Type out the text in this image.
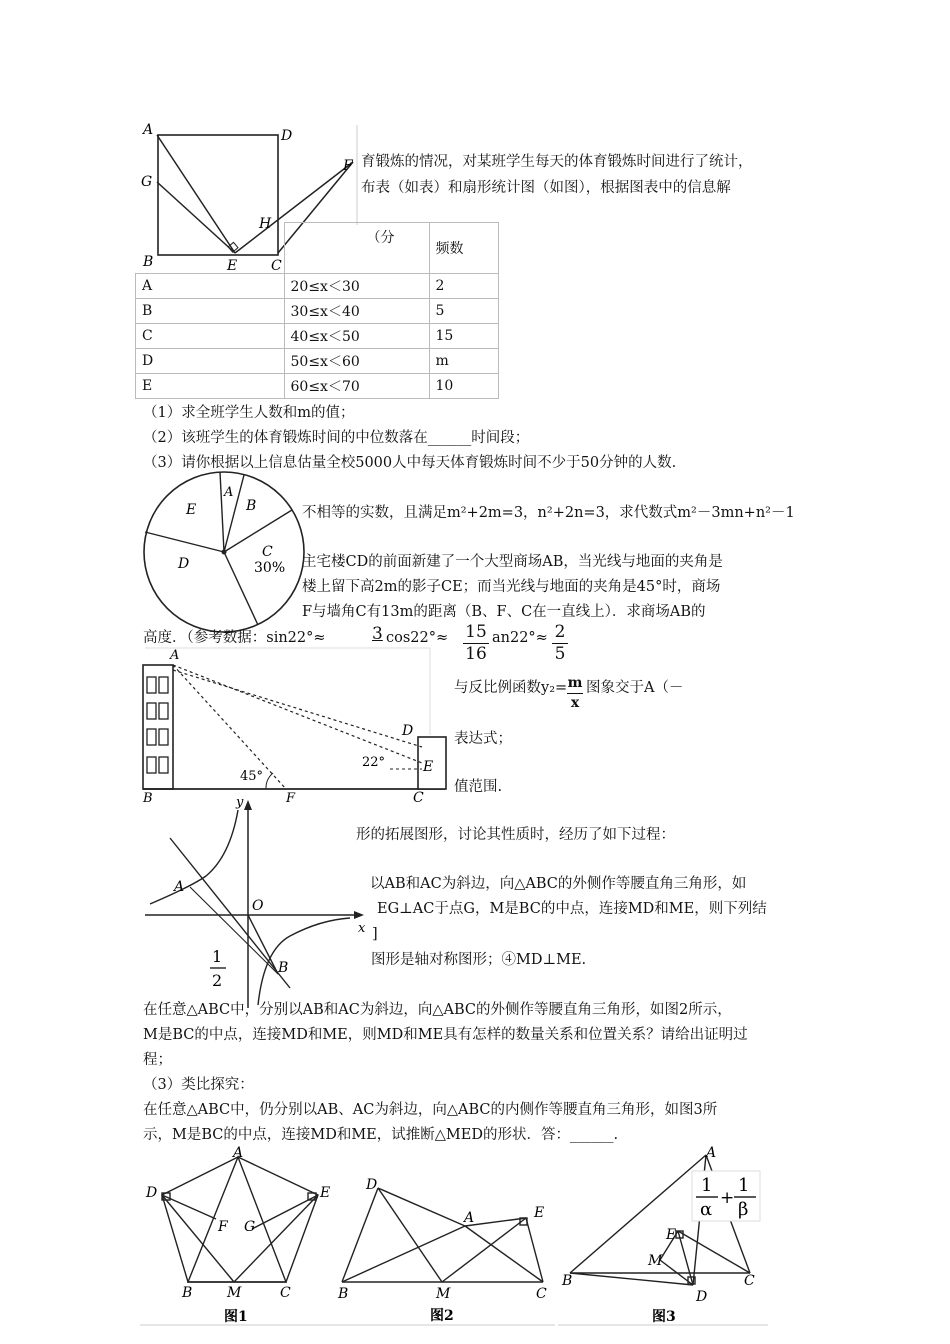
A	D
G
F
H
B	E C
育锻炼的情况，对某班学生每天的体育锻炼时间进行了统计，
布表（如表）和扇形统计图（如图），根据图表中的信息解
	（分	频数
A	20≤x＜30	2
B	30≤x＜40	5
C	40≤x＜50	15
D	50≤x＜60	m
E	60≤x＜70	10
（1）求全班学生人数和m的值；
（2）该班学生的体育锻炼时间的中位数落在______时间段；
（3）请你根据以上信息估量全校5000人中每天体育锻炼时间不少于50分钟的人数.
A
B
E
C
30%
D
不相等的实数，且满足m²+2m=3，n²+2n=3，求代数式m²－3mn+n²－1
主宅楼CD的前面新建了一个大型商场AB，当光线与地面的夹角是
楼上留下高2m的影子CE；而当光线与地面的夹角是45°时，商场
F与墙角C有13m的距离（B、F、C在一直线上）．求商场AB的
高度．（参考数据：sin22°≈	3 $\cos 22^\circ\approx \frac{15}{16} an22^\circ\approx \frac{2}{5}$
A
D
E
22°
45°
B	F	C
与反比例函数$y_2= \frac{m}{x}$ 图象交于A（－
表达式；
值范围.
y
x
O
A
B
1
2
形的拓展图形，讨论其性质时，经历了如下过程：
以AB和AC为斜边，向△ABC的外侧作等腰直角三角形，如
EG⊥AC于点G，M是BC的中点，连接MD和ME，则下列结
]
图形是轴对称图形；④MD⊥ME.
在任意△ABC中，分别以AB和AC为斜边，向△ABC的外侧作等腰直角三角形，如图2所示，
M是BC的中点，连接MD和ME，则MD和ME具有怎样的数量关系和位置关系？请给出证明过
程；
（3）类比探究：
在任意△ABC中，仍分别以AB、AC为斜边，向△ABC的内侧作等腰直角三角形，如图3所
示，M是BC的中点，连接MD和ME，试推断△MED的形状．答：______.
A
D	E
F G
B M	C
图1
D
A	E
B	M	C
图2
A
E
M
B
D
C
图3
1
α
+
1
β
